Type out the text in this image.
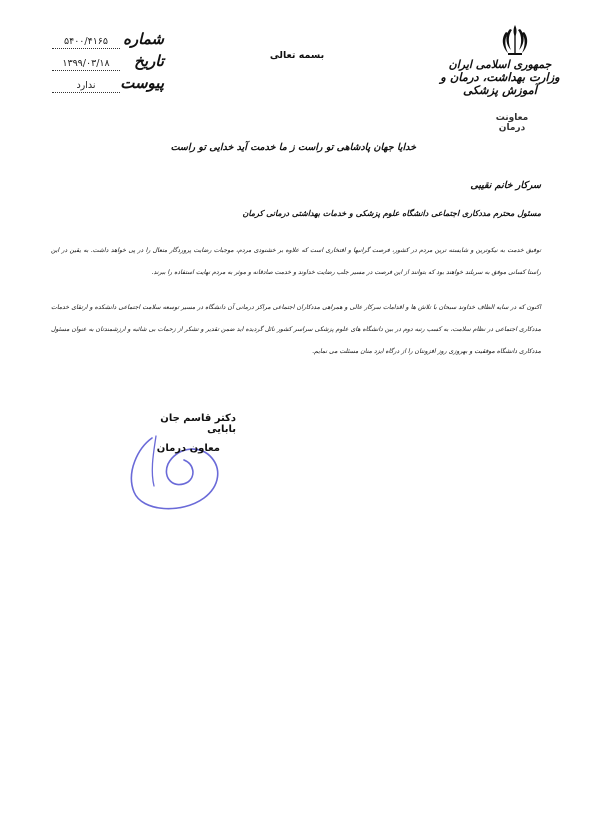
شماره
۵۴۰۰/۴۱۶۵
تاریخ
۱۳۹۹/۰۳/۱۸
پیوست
ندارد
بسمه تعالی
جمهوری اسلامی ایران
وزارت بهداشت، درمان و آموزش پزشکی
معاونت درمان
خدایا جهان پادشاهی تو راست ز ما خدمت آید خدایی تو راست
سرکار خانم نقیبی
مسئول محترم مددکاری اجتماعی دانشگاه علوم پزشکی و خدمات بهداشتی درمانی کرمان
توفیق خدمت به نیکوترین و شایسته ترین مردم در کشور، فرصت گرانبها و افتخاری است که علاوه بر خشنودی مردم، موجبات رضایت پروردگار متعال را در پی خواهد داشت. به یقین در این راستا کسانی موفق به سربلند خواهند بود که بتوانند از این فرصت در مسیر جلب رضایت خداوند و خدمت صادقانه و موثر به مردم نهایت استفاده را ببرند.
اکنون که در سایه الطاف خداوند سبحان با تلاش ها و اقدامات سرکار عالی و همراهی مددکاران اجتماعی مراکز درمانی آن دانشگاه در مسیر توسعه سلامت اجتماعی دانشکده و ارتقای خدمات مددکاری اجتماعی در نظام سلامت، به کسب رتبه دوم در بین دانشگاه های علوم پزشکی سراسر کشور نائل گردیده اید ضمن تقدیر و تشکر از زحمات بی شائبه و ارزشمندتان به عنوان مسئول مددکاری دانشگاه موفقیت و بهروزی روز افزونتان را از درگاه ایزد منان مسئلت می نمایم.
دکتر قاسم جان بابایی
معاون درمان
